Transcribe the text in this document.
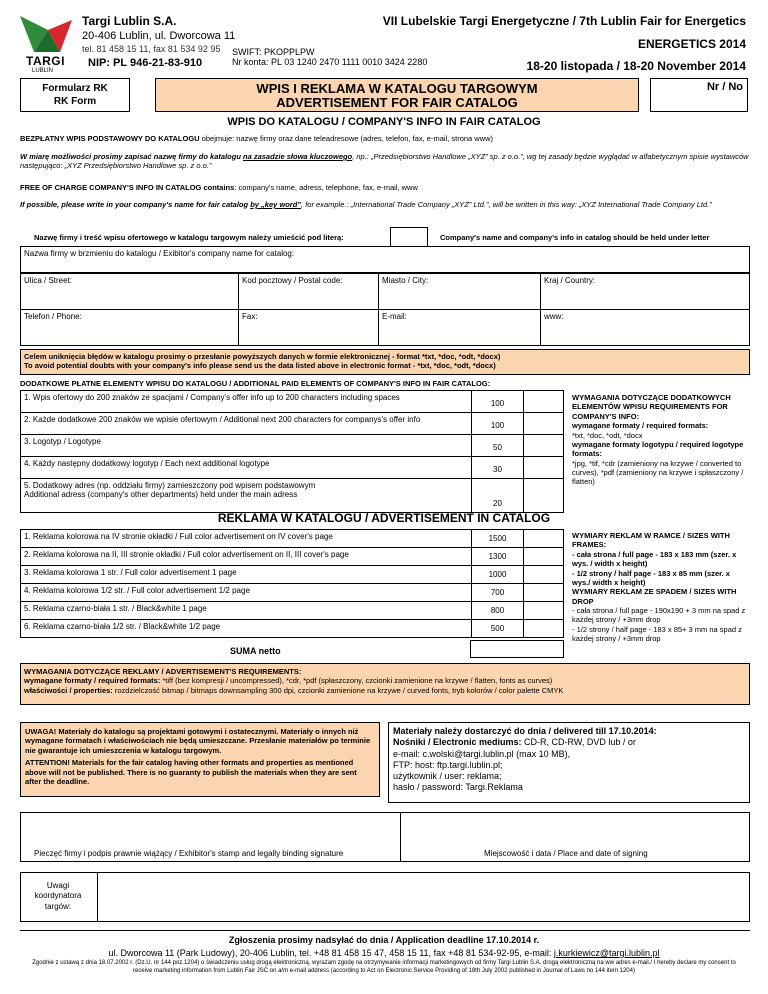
TARGI
LUBLIN
Targi Lublin S.A.
20-406 Lublin, ul. Dworcowa 11
tel. 81 458 15 11, fax 81 534 92 95
NIP: PL 946-21-83-910
SWIFT: PKOPPLPW
Nr konta: PL 03 1240 2470 1111 0010 3424 2280
VII Lubelskie Targi Energetyczne / 7th Lublin Fair for Energetics
ENERGETICS 2014
18-20 listopada / 18-20 November 2014
Formularz RK
RK Form
WPIS I REKLAMA W KATALOGU TARGOWYM
ADVERTISEMENT FOR FAIR CATALOG
Nr / No
WPIS DO KATALOGU / COMPANY'S INFO IN FAIR CATALOG
BEZPŁATNY WPIS PODSTAWOWY DO KATALOGU obejmuje: nazwę firmy oraz dane teleadresowe (adres, telefon, fax, e-mail, strona www)
W miarę możliwości prosimy zapisać nazwę firmy do katalogu na zasadzie słowa kluczowego, np.: „Przedsiębiorstwo Handlowe „XYZ” sp. z o.o.”, wg tej zasady będzie wyglądać w alfabetycznym spisie wystawców następująco: „XYZ Przedsiębiorstwo Handlowe sp. z o.o.”
FREE OF CHARGE COMPANY'S INFO IN CATALOG contains: company's name, adress, telephone, fax, e-mail, www
If possible, please write in your company's name for fair catalog by „key word”, for example.: „International Trade Company „XYZ” Ltd.”, will be written in this way: „XYZ International Trade Company Ltd.”
Nazwę firmy i treść wpisu ofertowego w katalogu targowym należy umieścić pod literą:	Company's name and company's info in catalog should be held under letter
Nazwa firmy w brzmieniu do katalogu / Exibitor's company name for catalog:
Ulica / Street:	Kod pocztowy / Postal code:	Miasto / City:	Kraj / Country:
Telefon / Phone:	Fax:	E-mail:	www:
Celem uniknięcia błędów w katalogu prosimy o przesłanie powyższych danych w formie elektronicznej - format *txt, *doc, *odt, *docx)
To avoid potential doubts with your company's info please send us the data listed above in electronic format - *txt, *doc, *odt, *docx)
DODATKOWE PŁATNE ELEMENTY WPISU DO KATALOGU / ADDITIONAL PAID ELEMENTS OF COMPANY'S INFO IN FAIR CATALOG:
1. Wpis ofertowy do 200 znaków ze spacjami / Company's offer info up to 200 characters including spaces	100	
2. Każde dodatkowe 200 znaków we wpisie ofertowym / Additional next 200 characters for companys's offer info	100	
3. Logotyp / Logotype	50	
4. Każdy następny dodatkowy logotyp / Each next additional logotype	30	
5. Dodatkowy adres (np. oddziału firmy) zamieszczony pod wpisem podstawowym
Additional adress (company's other departments) held under the main adress	20	
WYMAGANIA DOTYCZĄCE DODATKOWYCH ELEMENTÓW WPISU REQUIREMENTS FOR COMPANY'S INFO:
wymagane formaty / required formats:
*txt, *doc, *odt, *docx
wymagane formaty logotypu / required logotype formats:
*jpg, *tif, *cdr (zamieniony na krzywe / converted to curves), *pdf (zamieniony na krzywe i spłaszczony / flatten)
REKLAMA W KATALOGU / ADVERTISEMENT IN CATALOG
1. Reklama kolorowa na IV stronie okładki / Full color advertisement on IV cover's page	1500	
2. Reklama kolorowa na II, III stronie okładki / Full color advertisement on II, III cover's page	1300	
3. Reklama kolorowa 1 str. / Full color advertisement 1 page	1000	
4. Reklama kolorowa 1/2 str. / Full color advertisement 1/2 page	700	
5. Reklama czarno-biała 1 str. / Black&white 1 page	800	
6. Reklama czarno-biała 1/2 str. / Black&white 1/2 page	500	
SUMA netto
WYMIARY REKLAM W RAMCE / SIZES WITH FRAMES:
- cała strona / full page - 183 x 183 mm (szer. x wys. / width x height)
- 1/2 strony / half page - 183 x 85 mm (szer. x wys./ width x height)
WYMIARY REKLAM ZE SPADEM / SIZES WITH DROP
- cała strona / full page - 190x190 + 3 mm na spad z każdej strony / +3mm drop
- 1/2 strony / half page - 183 x 85+ 3 mm na spad z każdej strony / +3mm drop
WYMAGANIA DOTYCZĄCE REKLAMY / ADVERTISEMENT'S REQUIREMENTS:
wymagane formaty / required formats: *tiff (bez kompresji / uncompressed), *cdr, *pdf (spłaszczony, czcionki zamienione na krzywe / flatten, fonts as curves)
właściwości / properties: rozdzielczość bitmap / bitmaps downsampling 300 dpi, czcionki zamienione na krzywe / curved fonts, tryb kolorów / color palette CMYK
UWAGA! Materiały do katalogu są projektami gotowymi i ostatecznymi. Materiały o innych niż wymagane formatach i właściwościach nie będą umieszczane. Przesłanie materiałów po terminie nie gwarantuje ich umieszczenia w katalogu targowym.
ATTENTION! Materials for the fair catalog having other formats and properties as mentioned above will not be published. There is no guaranty to publish the materials when they are sent after the deadline.
Materiały należy dostarczyć do dnia / delivered till 17.10.2014:
Nośniki / Electronic mediums: CD-R, CD-RW, DVD lub / or
e-mail: c.wolski@targi.lublin.pl (max 10 MB),
FTP: host: ftp.targi.lublin.pl;
użytkownik / user: reklama;
hasło / password: Targi.Reklama
Pieczęć firmy i podpis prawnie wiążący / Exhibitor's stamp and legally binding signature	Miejscowość i data / Place and date of signing
Uwagi koordynatora targów:
Zgłoszenia prosimy nadsyłać do dnia / Application deadline 17.10.2014 r.
ul. Dworcowa 11 (Park Ludowy), 20-406 Lublin, tel. +48 81 458 15 47, 458 15 11, fax +48 81 534-92-95, e-mail: j.kurkiewicz@targi.lublin.pl
Zgodnie z ustawą z dnia 18.07.2002 r. (Dz.U. nr 144 poz.1204) o świadczeniu usług drogą elektroniczną, wyrażam zgodę na otrzymywanie informacji marketingowych od firmy Targi Lublin S.A. drogą elektroniczną na ww adres e-mail./ I hereby declare my consent to receive marketing information from Lublin Fair JSC on a/m e-mail address (according to Act on Electronic Service Providing of 18th July 2002 published in Journal of Laws no 144 item 1204)
